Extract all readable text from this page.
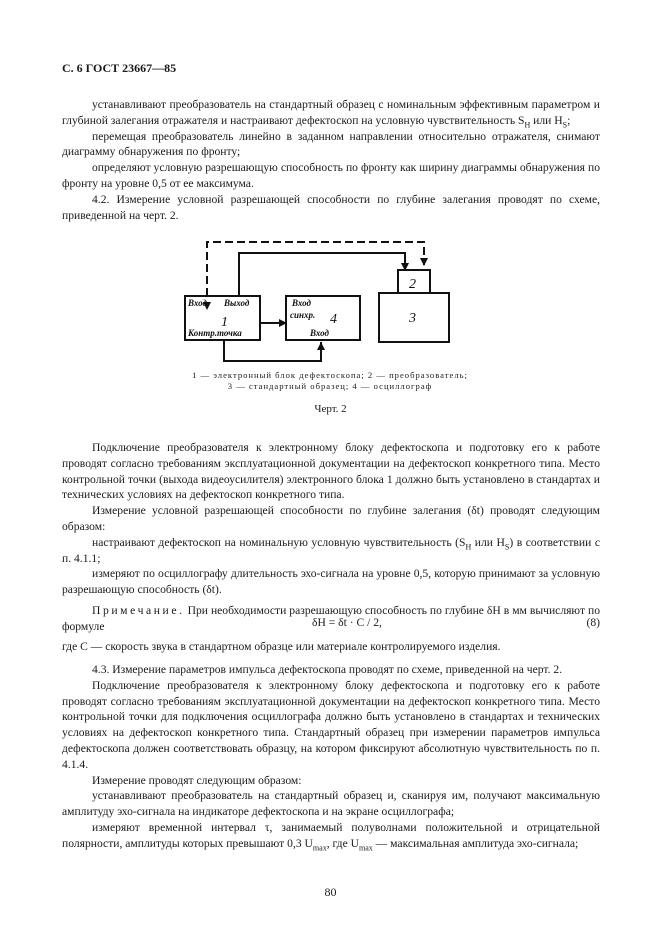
С. 6 ГОСТ 23667—85

устанавливают преобразователь на стандартный образец с номинальным эффективным параметром и глубиной залегания отражателя и настраивают дефектоскоп на условную чувствительность $S_H$ или $H_S$;

перемещая преобразователь линейно в заданном направлении относительно отражателя, снимают диаграмму обнаружения по фронту;

определяют условную разрешающую способность по фронту как ширину диаграммы обнаружения по фронту на уровне 0,5 от ее максимума.

4.2. Измерение условной разрешающей способности по глубине залегания проводят по схеме, приведенной на черт. 2.

Вход Выход
Контр.точка
Вход
синхр.
Вход
1	4
2
3
1 — электронный блок дефектоскопа; 2 — преобразователь;
3 — стандартный образец; 4 — осциллограф
Черт. 2

Подключение преобразователя к электронному блоку дефектоскопа и подготовку его к работе проводят согласно требованиям эксплуатационной документации на дефектоскоп конкретного типа. Место контрольной точки (выхода видеоусилителя) электронного блока 1 должно быть установлено в стандартах и технических условиях на дефектоскоп конкретного типа.

Измерение условной разрешающей способности по глубине залегания (δt) проводят следующим образом:

настраивают дефектоскоп на номинальную условную чувствительность ($S_H$ или $H_S$) в соответствии с п. 4.1.1;

измеряют по осциллографу длительность эхо-сигнала на уровне 0,5, которую принимают за условную разрешающую способность (δt).

Примечание. При необходимости разрешающую способность по глубине δH в мм вычисляют по формуле	δH = δt · C / 2,	(8)

где C — скорость звука в стандартном образце или материале контролируемого изделия.

4.3. Измерение параметров импульса дефектоскопа проводят по схеме, приведенной на черт. 2.

Подключение преобразователя к электронному блоку дефектоскопа и подготовку его к работе проводят согласно требованиям эксплуатационной документации на дефектоскоп конкретного типа. Место контрольной точки для подключения осциллографа должно быть установлено в стандартах и технических условиях на дефектоскоп конкретного типа. Стандартный образец при измерении параметров импульса дефектоскопа должен соответствовать образцу, на котором фиксируют абсолютную чувствительность по п. 4.1.4.

Измерение проводят следующим образом:

устанавливают преобразователь на стандартный образец и, сканируя им, получают максимальную амплитуду эхо-сигнала на индикаторе дефектоскопа и на экране осциллографа;

измеряют временной интервал τ, занимаемый полуволнами положительной и отрицательной полярности, амплитуды которых превышают 0,3 $U_{max}$, где $U_{max}$ — максимальная амплитуда эхо-сигнала;

80
